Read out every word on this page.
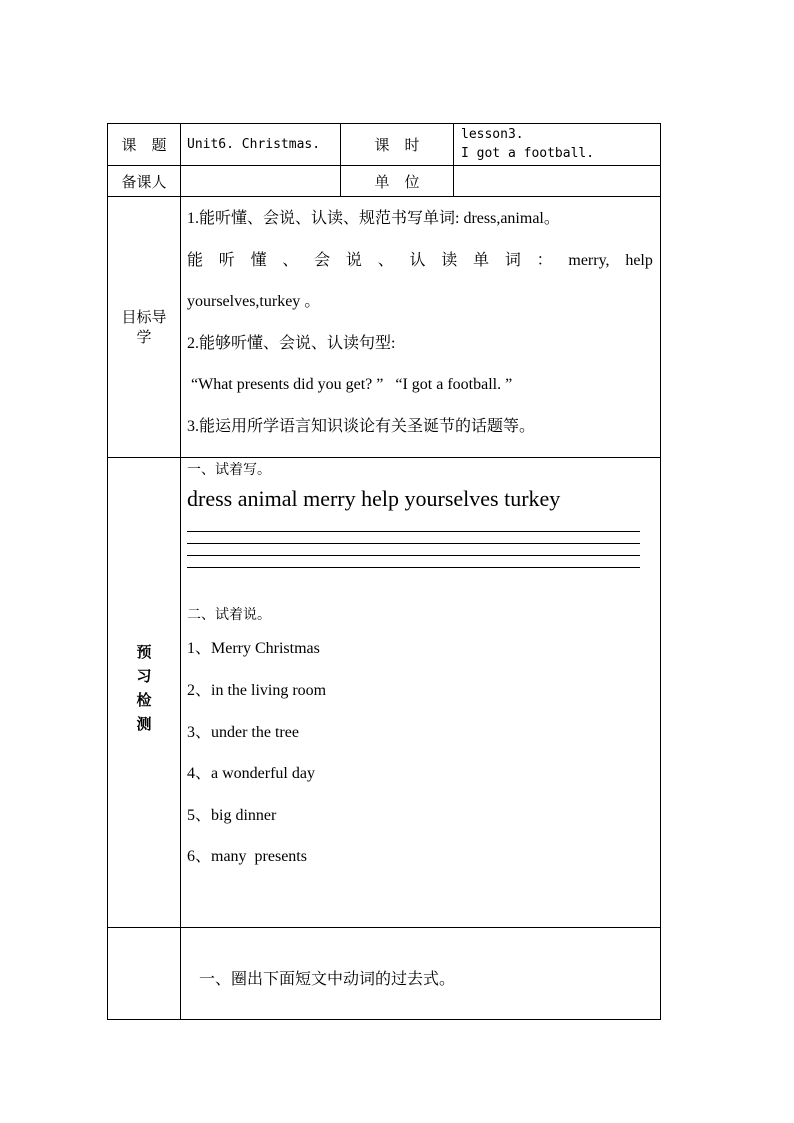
课　题 Unit6. Christmas.	课　时
lesson3.
I got a football.
备课人	单　位
目标导
学
1.能听懂、会说、认读、规范书写单词: dress,animal。
能 听 懂 、 会 说 、 认 读 单 词 ： merry, help
yourselves,turkey 。
2.能够听懂、会说、认读句型:
“What presents did you get? ”   “I got a football. ”
3.能运用所学语言知识谈论有关圣诞节的话题等。
预
习
检
测
一、试着写。
dress animal merry help yourselves turkey
二、试着说。
1、Merry Christmas
2、in the living room
3、under the tree
4、a wonderful day
5、big dinner
6、many  presents
一、圈出下面短文中动词的过去式。
